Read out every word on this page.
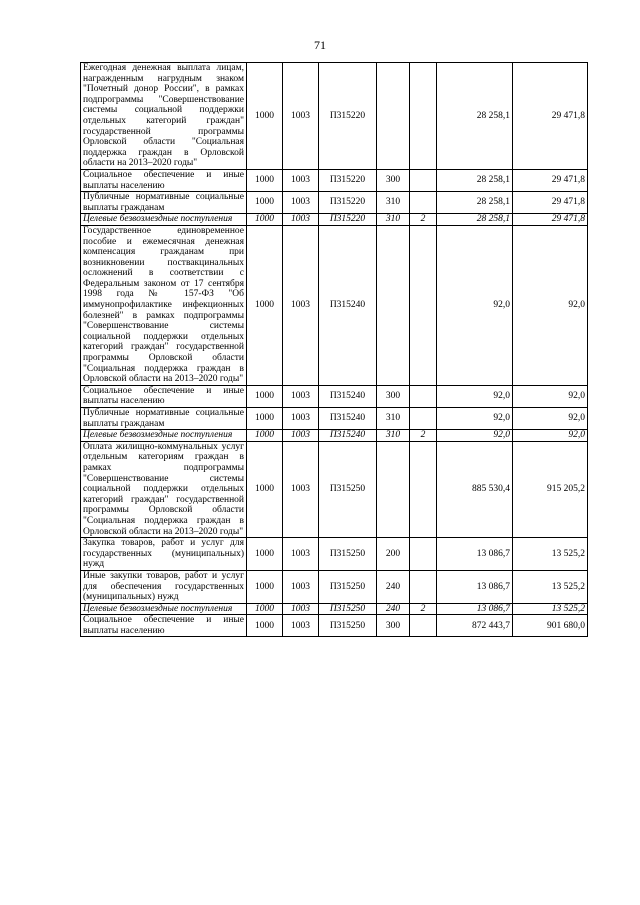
71
Ежегодная денежная выплата лицам, награжденным нагрудным знаком "Почетный донор России", в рамках подпрограммы "Совершенствование системы социальной поддержки отдельных категорий граждан" государственной программы Орловской области "Социальная поддержка граждан в Орловской области на 2013–2020 годы"	1000	1003	П315220			28 258,1	29 471,8
Социальное обеспечение и иные выплаты населению	1000	1003	П315220	300		28 258,1	29 471,8
Публичные нормативные социальные выплаты гражданам	1000	1003	П315220	310		28 258,1	29 471,8
Целевые безвозмездные поступления	1000	1003	П315220	310	2	28 258,1	29 471,8
Государственное единовременное пособие и ежемесячная денежная компенсация гражданам при возникновении поствакцинальных осложнений в соответствии с Федеральным законом от 17 сентября 1998 года № 157-ФЗ "Об иммунопрофилактике инфекционных болезней" в рамках подпрограммы "Совершенствование системы социальной поддержки отдельных категорий граждан" государственной программы Орловской области "Социальная поддержка граждан в Орловской области на 2013–2020 годы"	1000	1003	П315240			92,0	92,0
Социальное обеспечение и иные выплаты населению	1000	1003	П315240	300		92,0	92,0
Публичные нормативные социальные выплаты гражданам	1000	1003	П315240	310		92,0	92,0
Целевые безвозмездные поступления	1000	1003	П315240	310	2	92,0	92,0
Оплата жилищно-коммунальных услуг отдельным категориям граждан в рамках подпрограммы "Совершенствование системы социальной поддержки отдельных категорий граждан" государственной программы Орловской области "Социальная поддержка граждан в Орловской области на 2013–2020 годы"	1000	1003	П315250			885 530,4	915 205,2
Закупка товаров, работ и услуг для государственных (муниципальных) нужд	1000	1003	П315250	200		13 086,7	13 525,2
Иные закупки товаров, работ и услуг для обеспечения государственных (муниципальных) нужд	1000	1003	П315250	240		13 086,7	13 525,2
Целевые безвозмездные поступления	1000	1003	П315250	240	2	13 086,7	13 525,2
Социальное обеспечение и иные выплаты населению	1000	1003	П315250	300		872 443,7	901 680,0
